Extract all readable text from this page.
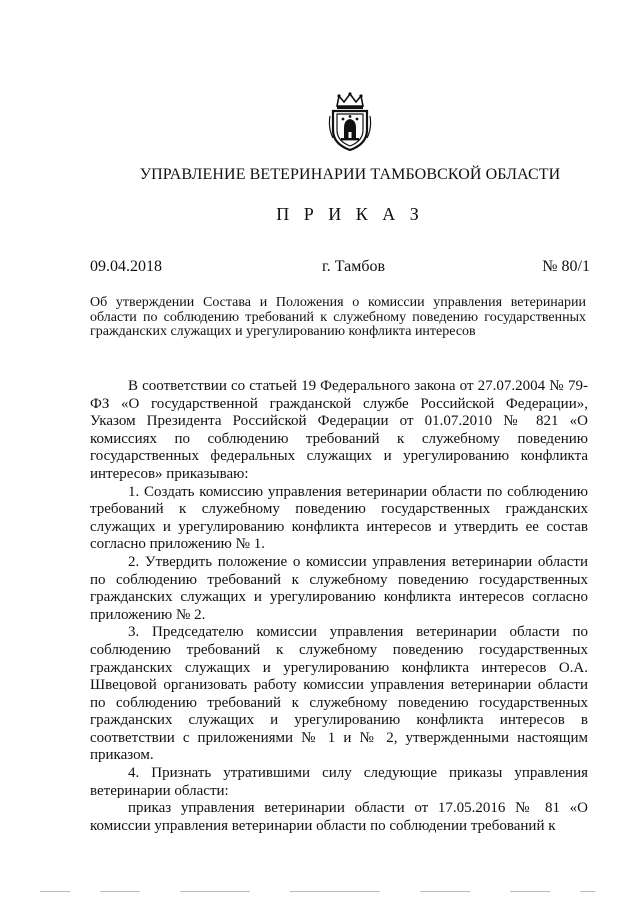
УПРАВЛЕНИЕ ВЕТЕРИНАРИИ ТАМБОВСКОЙ ОБЛАСТИ
П Р И К А З
09.04.2018	г. Тамбов	№ 80/1
Об утверждении Состава и Положения о комиссии управления ветеринарии области по соблюдению требований к служебному поведению государственных гражданских служащих и урегулированию конфликта интересов

В соответствии со статьей 19 Федерального закона от 27.07.2004 № 79-ФЗ «О государственной гражданской службе Российской Федерации», Указом Президента Российской Федерации от 01.07.2010 № 821 «О комиссиях по соблюдению требований к служебному поведению государственных федеральных служащих и урегулированию конфликта интересов» приказываю:

1. Создать комиссию управления ветеринарии области по соблюдению требований к служебному поведению государственных гражданских служащих и урегулированию конфликта интересов и утвердить ее состав согласно приложению № 1.

2. Утвердить положение о комиссии управления ветеринарии области по соблюдению требований к служебному поведению государственных гражданских служащих и урегулированию конфликта интересов согласно приложению № 2.

3. Председателю комиссии управления ветеринарии области по соблюдению требований к служебному поведению государственных гражданских служащих и урегулированию конфликта интересов О.А. Швецовой организовать работу комиссии управления ветеринарии области по соблюдению требований к служебному поведению государственных гражданских служащих и урегулированию конфликта интересов в соответствии с приложениями № 1 и № 2, утвержденными настоящим приказом.

4. Признать утратившими силу следующие приказы управления ветеринарии области:

приказ управления ветеринарии области от 17.05.2016 № 81 «О комиссии управления ветеринарии области по соблюдении требований к
